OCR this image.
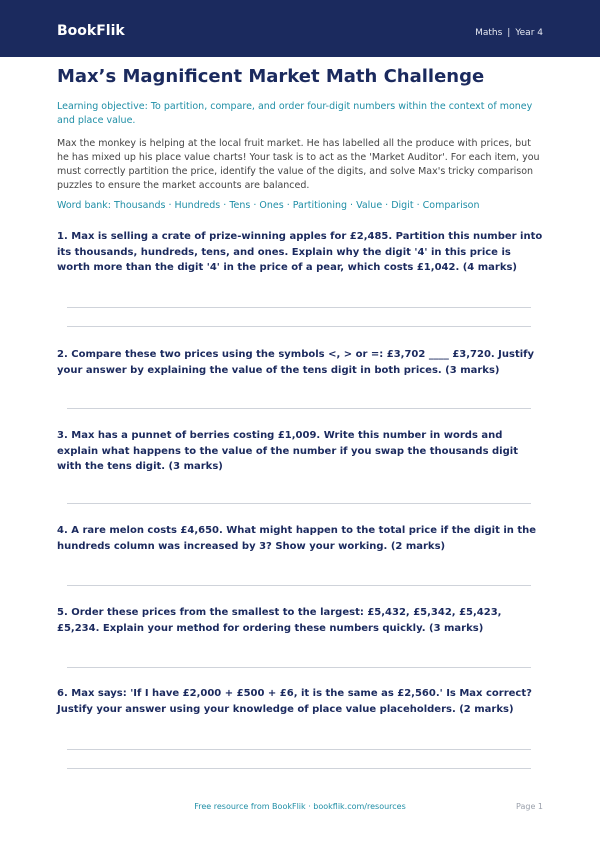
BookFlik	Maths | Year 4
Max’s Magnificent Market Math Challenge

Learning objective: To partition, compare, and order four-digit numbers within the context of money and place value.

Max the monkey is helping at the local fruit market. He has labelled all the produce with prices, but he has mixed up his place value charts! Your task is to act as the 'Market Auditor'. For each item, you must correctly partition the price, identify the value of the digits, and solve Max's tricky comparison puzzles to ensure the market accounts are balanced.

Word bank: Thousands · Hundreds · Tens · Ones · Partitioning · Value · Digit · Comparison

1. Max is selling a crate of prize-winning apples for £2,485. Partition this number into its thousands, hundreds, tens, and ones. Explain why the digit '4' in this price is worth more than the digit '4' in the price of a pear, which costs £1,042. (4 marks)

2. Compare these two prices using the symbols <, > or =: £3,702 ____ £3,720. Justify your answer by explaining the value of the tens digit in both prices. (3 marks)

3. Max has a punnet of berries costing £1,009. Write this number in words and explain what happens to the value of the number if you swap the thousands digit with the tens digit. (3 marks)

4. A rare melon costs £4,650. What might happen to the total price if the digit in the hundreds column was increased by 3? Show your working. (2 marks)

5. Order these prices from the smallest to the largest: £5,432, £5,342, £5,423, £5,234. Explain your method for ordering these numbers quickly. (3 marks)

6. Max says: 'If I have £2,000 + £500 + £6, it is the same as £2,560.' Is Max correct? Justify your answer using your knowledge of place value placeholders. (2 marks)

Free resource from BookFlik · bookflik.com/resources	Page 1
